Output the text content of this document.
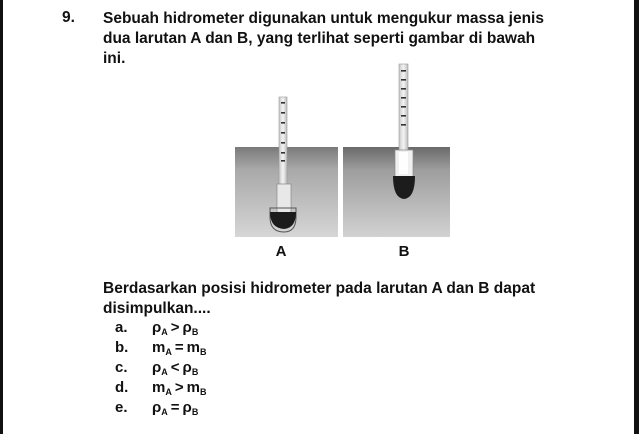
9. Sebuah hidrometer digunakan untuk mengukur massa jenis
dua larutan A dan B, yang terlihat seperti gambar di bawah
ini.
A	B
Berdasarkan posisi hidrometer pada larutan A dan B dapat
disimpulkan....
a. $\rho_A > \rho_B$
b. $m_A = m_B$
c. $\rho_A < \rho_B$
d. $m_A > m_B$
e. $\rho_A = \rho_B$
